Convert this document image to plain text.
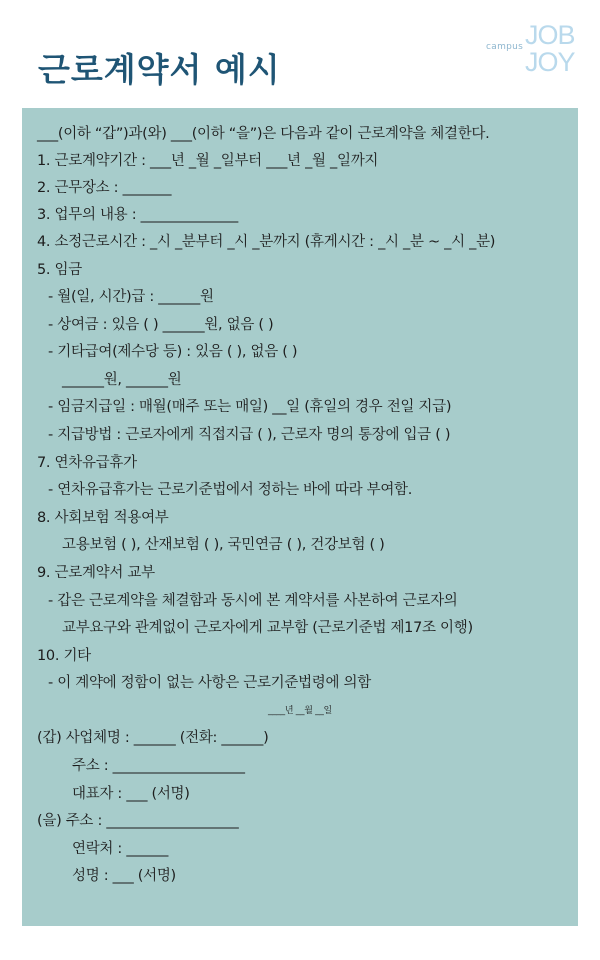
근로계약서 예시
campus JOB
JOY
___(이하 “갑”)과(와) ___(이하 “을”)은 다음과 같이 근로계약을 체결한다.
1. 근로계약기간 : ___년 _월 _일부터 ___년 _월 _일까지
2. 근무장소 : _______
3. 업무의 내용 : ______________
4. 소정근로시간 : _시 _분부터 _시 _분까지 (휴게시간 : _시 _분 ~ _시 _분)
5. 임금
- 월(일, 시간)급 : ______원
- 상여금 : 있음 ( ) ______원, 없음 ( )
- 기타급여(제수당 등) : 있음 ( ), 없음 ( )
______원, ______원
- 임금지급일 : 매월(매주 또는 매일) __일 (휴일의 경우 전일 지급)
- 지급방법 : 근로자에게 직접지급 ( ), 근로자 명의 통장에 입금 ( )
7. 연차유급휴가
- 연차유급휴가는 근로기준법에서 정하는 바에 따라 부여함.
8. 사회보험 적용여부
고용보험 ( ), 산재보험 ( ), 국민연금 ( ), 건강보험 ( )
9. 근로계약서 교부
- 갑은 근로계약을 체결함과 동시에 본 계약서를 사본하여 근로자의
교부요구와 관계없이 근로자에게 교부함 (근로기준법 제17조 이행)
10. 기타
- 이 계약에 정함이 없는 사항은 근로기준법령에 의함
____년 __월 __일
(갑) 사업체명 : ______ (전화: ______)
주소 : ___________________
대표자 : ___ (서명)
(을) 주소 : ___________________
연락처 : ______
성명 : ___ (서명)
